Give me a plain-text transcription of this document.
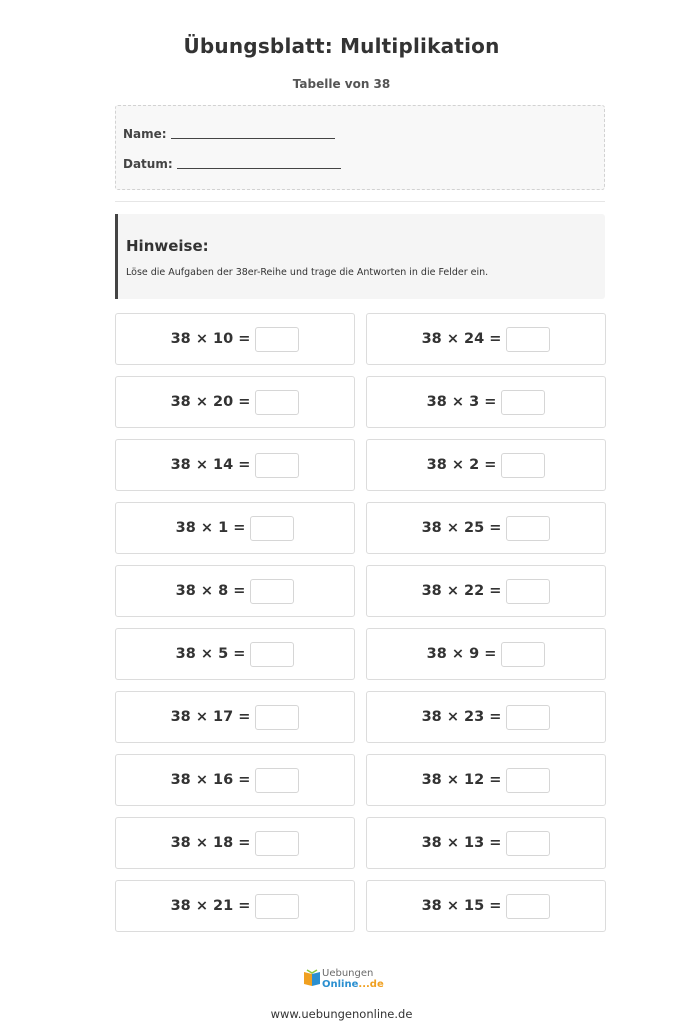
Übungsblatt: Multiplikation
Tabelle von 38
Name:
Datum:
Hinweise:
Löse die Aufgaben der 38er-Reihe und trage die Antworten in die Felder ein.
38 × 10 =	38 × 24 =
38 × 20 =	38 × 3 =
38 × 14 =	38 × 2 =
38 × 1 =	38 × 25 =
38 × 8 =	38 × 22 =
38 × 5 =	38 × 9 =
38 × 17 =	38 × 23 =
38 × 16 =	38 × 12 =
38 × 18 =	38 × 13 =
38 × 21 =	38 × 15 =
Uebungen
Online...de
www.uebungenonline.de
